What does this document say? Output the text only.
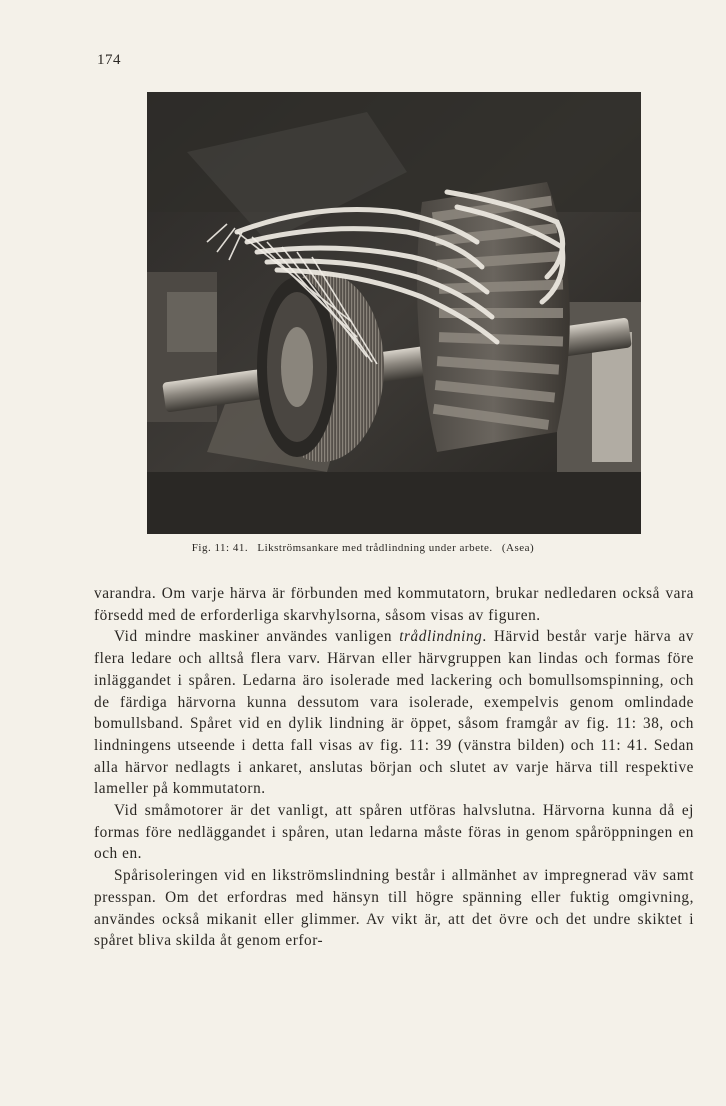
174
Fig. 11: 41. Likströmsankare med trådlindning under arbete. (Asea)

varandra. Om varje härva är förbunden med kommutatorn, brukar nedledaren också vara försedd med de erforderliga skarvhylsorna, såsom visas av figuren.

Vid mindre maskiner användes vanligen trådlindning. Härvid består varje härva av flera ledare och alltså flera varv. Härvan eller härvgruppen kan lindas och formas före inläggandet i spåren. Ledarna äro isolerade med lackering och bomullsomspinning, och de färdiga härvorna kunna dessutom vara isolerade, exempelvis genom omlindade bomullsband. Spåret vid en dylik lindning är öppet, såsom framgår av fig. 11: 38, och lindningens utseende i detta fall visas av fig. 11: 39 (vänstra bilden) och 11: 41. Sedan alla härvor nedlagts i ankaret, anslutas början och slutet av varje härva till respektive lameller på kommutatorn.

Vid småmotorer är det vanligt, att spåren utföras halvslutna. Härvorna kunna då ej formas före nedläggandet i spåren, utan ledarna måste föras in genom spåröppningen en och en.

Spårisoleringen vid en likströmslindning består i allmänhet av impregnerad väv samt presspan. Om det erfordras med hänsyn till högre spänning eller fuktig omgivning, användes också mikanit eller glimmer. Av vikt är, att det övre och det undre skiktet i spåret bliva skilda åt genom erfor-
